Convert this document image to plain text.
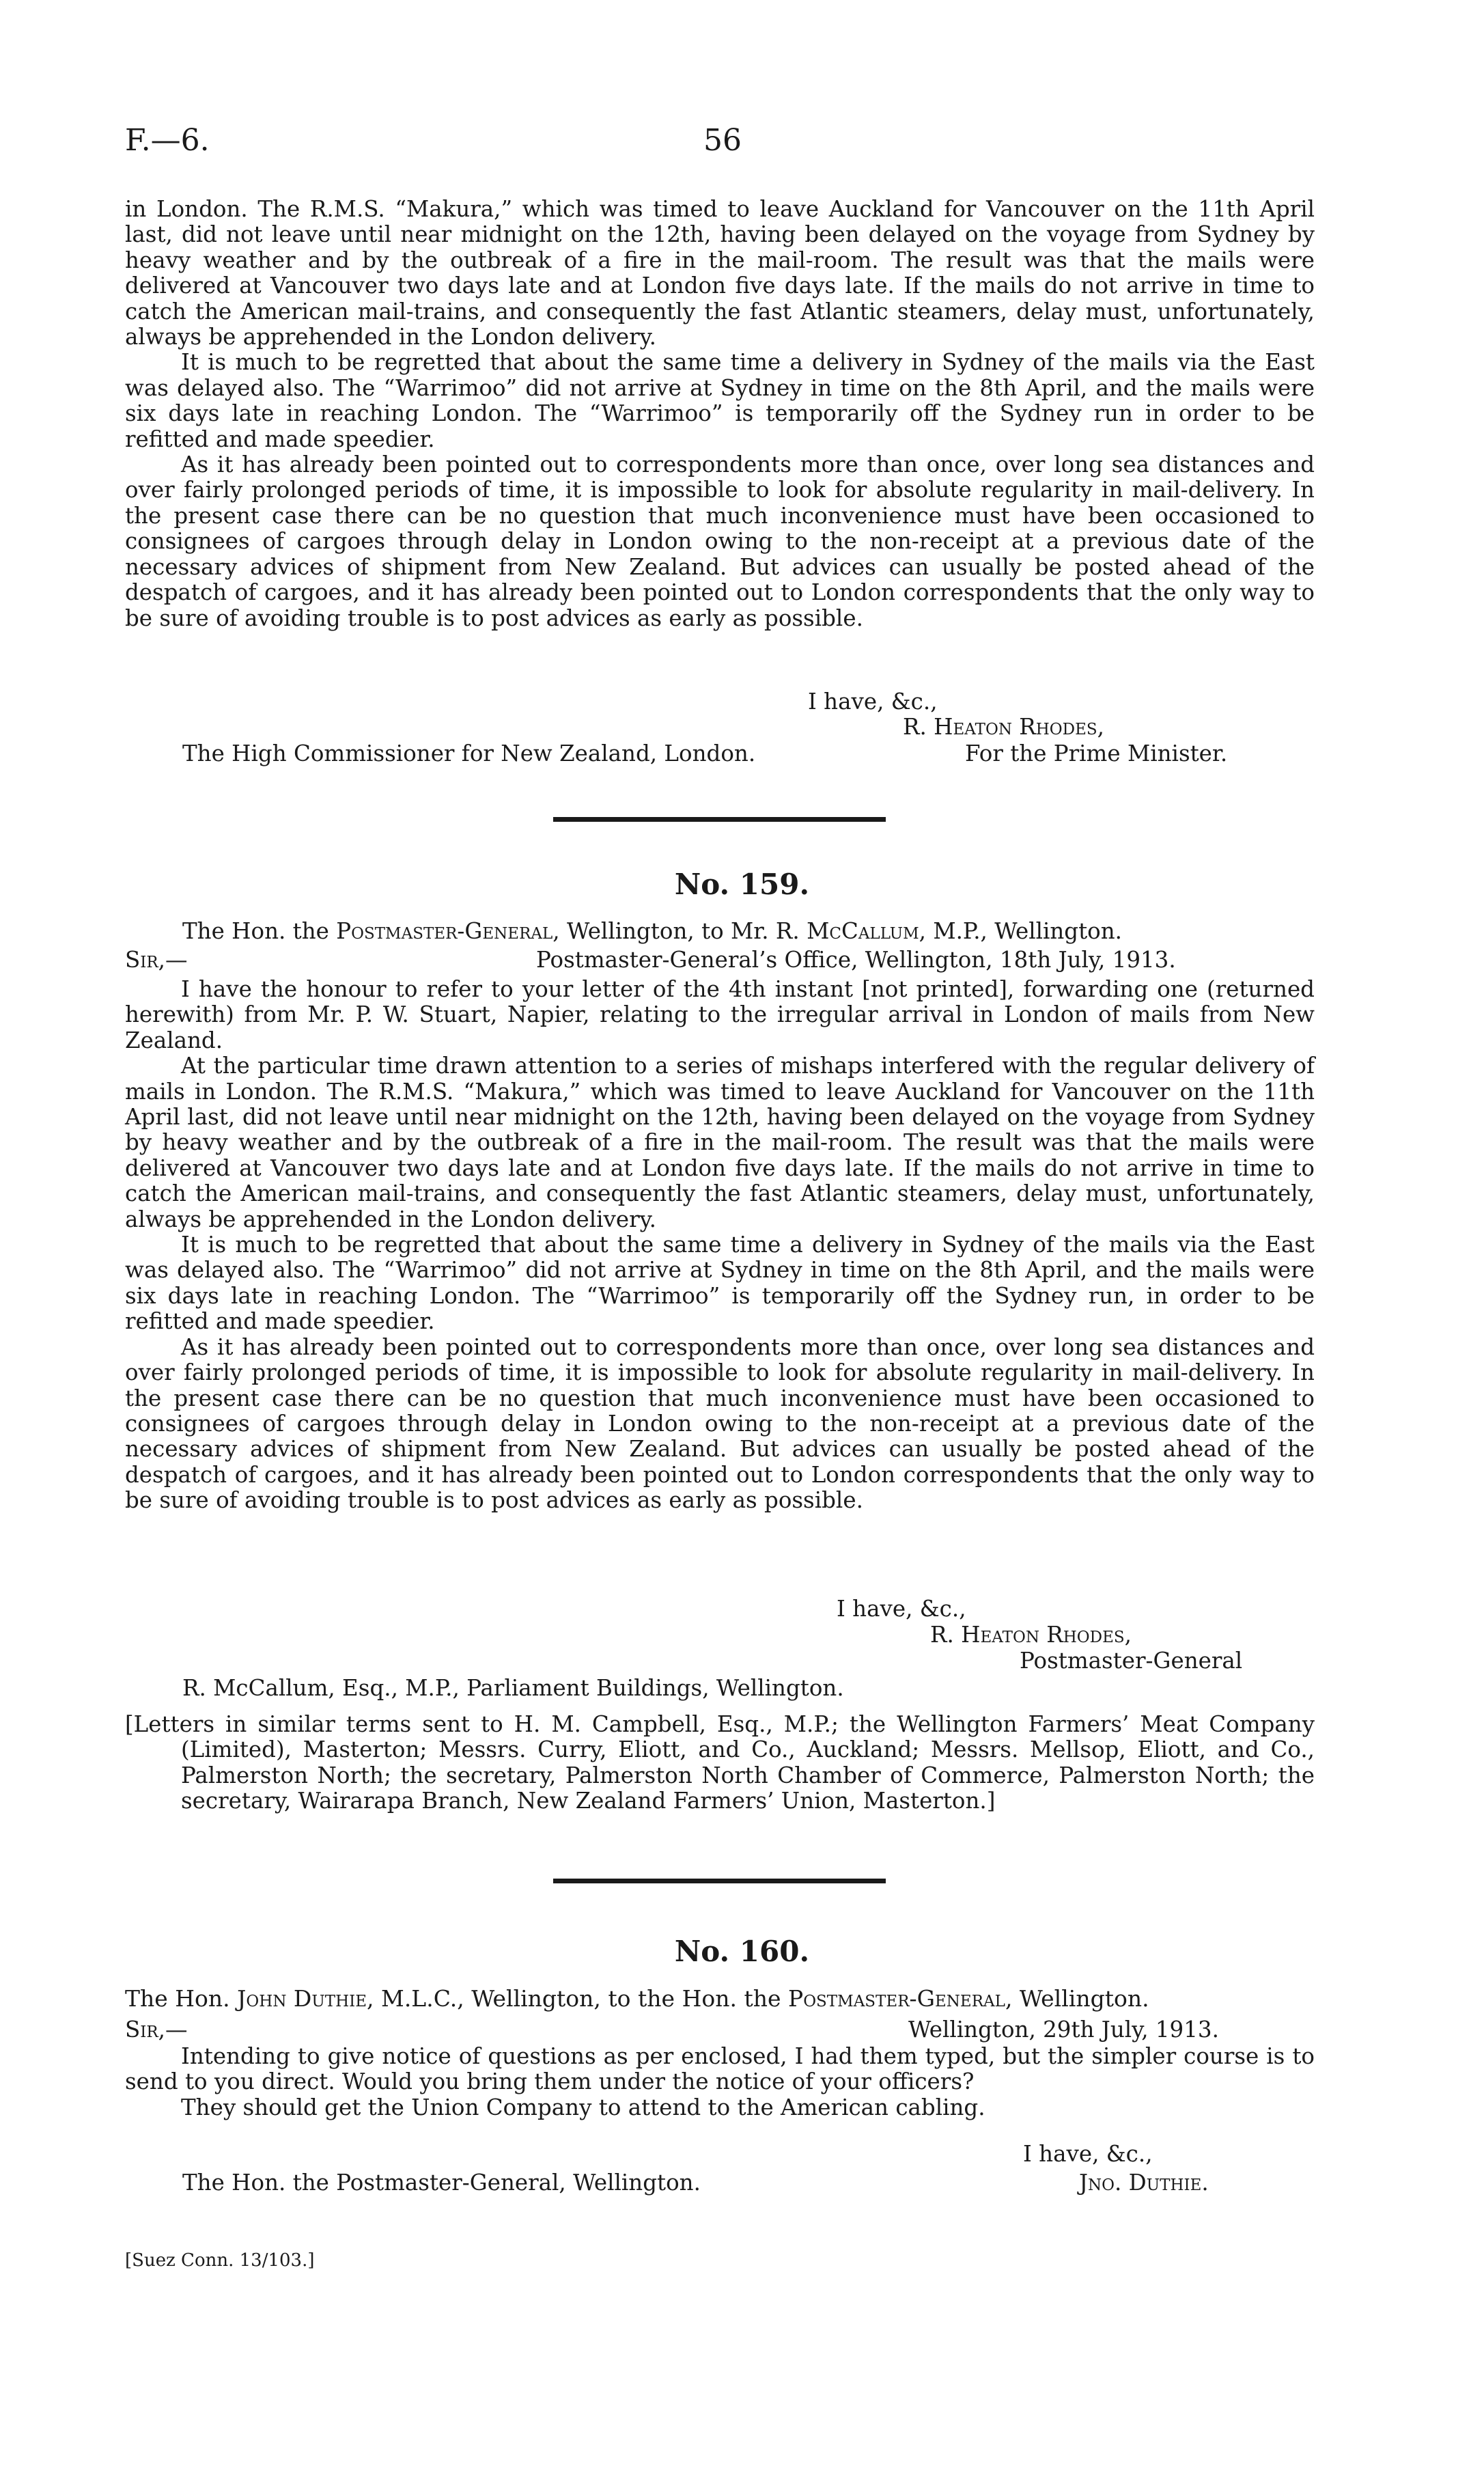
F.—6.	56

in London. The R.M.S. “Makura,” which was timed to leave Auckland for Vancouver on the 11th April last, did not leave until near midnight on the 12th, having been delayed on the voyage from Sydney by heavy weather and by the outbreak of a fire in the mail-room. The result was that the mails were delivered at Vancouver two days late and at London five days late. If the mails do not arrive in time to catch the American mail-trains, and consequently the fast Atlantic steamers, delay must, unfortunately, always be apprehended in the London delivery.

It is much to be regretted that about the same time a delivery in Sydney of the mails via the East was delayed also. The “Warrimoo” did not arrive at Sydney in time on the 8th April, and the mails were six days late in reaching London. The “Warrimoo” is temporarily off the Sydney run in order to be refitted and made speedier.

As it has already been pointed out to correspondents more than once, over long sea distances and over fairly prolonged periods of time, it is impossible to look for absolute regularity in mail-delivery. In the present case there can be no question that much inconvenience must have been occasioned to consignees of cargoes through delay in London owing to the non-receipt at a previous date of the necessary advices of shipment from New Zealand. But advices can usually be posted ahead of the despatch of cargoes, and it has already been pointed out to London correspondents that the only way to be sure of avoiding trouble is to post advices as early as possible.

I have, &c.,
R. Heaton Rhodes,
The High Commissioner for New Zealand, London.	For the Prime Minister.
No. 159.
The Hon. the Postmaster-General, Wellington, to Mr. R. McCallum, M.P., Wellington.
Sir,—	Postmaster-General’s Office, Wellington, 18th July, 1913.

I have the honour to refer to your letter of the 4th instant [not printed], forwarding one (returned herewith) from Mr. P. W. Stuart, Napier, relating to the irregular arrival in London of mails from New Zealand.

At the particular time drawn attention to a series of mishaps interfered with the regular delivery of mails in London. The R.M.S. “Makura,” which was timed to leave Auckland for Vancouver on the 11th April last, did not leave until near midnight on the 12th, having been delayed on the voyage from Sydney by heavy weather and by the outbreak of a fire in the mail-room. The result was that the mails were delivered at Vancouver two days late and at London five days late. If the mails do not arrive in time to catch the American mail-trains, and consequently the fast Atlantic steamers, delay must, unfortunately, always be apprehended in the London delivery.

It is much to be regretted that about the same time a delivery in Sydney of the mails via the East was delayed also. The “Warrimoo” did not arrive at Sydney in time on the 8th April, and the mails were six days late in reaching London. The “Warrimoo” is temporarily off the Sydney run, in order to be refitted and made speedier.

As it has already been pointed out to correspondents more than once, over long sea distances and over fairly prolonged periods of time, it is impossible to look for absolute regularity in mail-delivery. In the present case there can be no question that much inconvenience must have been occasioned to consignees of cargoes through delay in London owing to the non-receipt at a previous date of the necessary advices of shipment from New Zealand. But advices can usually be posted ahead of the despatch of cargoes, and it has already been pointed out to London correspondents that the only way to be sure of avoiding trouble is to post advices as early as possible.

I have, &c.,
R. Heaton Rhodes,
Postmaster-General
R. McCallum, Esq., M.P., Parliament Buildings, Wellington.

[Letters in similar terms sent to H. M. Campbell, Esq., M.P.; the Wellington Farmers’ Meat Company (Limited), Masterton; Messrs. Curry, Eliott, and Co., Auckland; Messrs. Mellsop, Eliott, and Co., Palmerston North; the secretary, Palmerston North Chamber of Commerce, Palmerston North; the secretary, Wairarapa Branch, New Zealand Farmers’ Union, Masterton.]

No. 160.
The Hon. John Duthie, M.L.C., Wellington, to the Hon. the Postmaster-General, Wellington.
Sir,—	Wellington, 29th July, 1913.

Intending to give notice of questions as per enclosed, I had them typed, but the simpler course is to send to you direct. Would you bring them under the notice of your officers?

They should get the Union Company to attend to the American cabling.

I have, &c.,
The Hon. the Postmaster-General, Wellington.	Jno. Duthie.
[Suez Conn. 13/103.]
